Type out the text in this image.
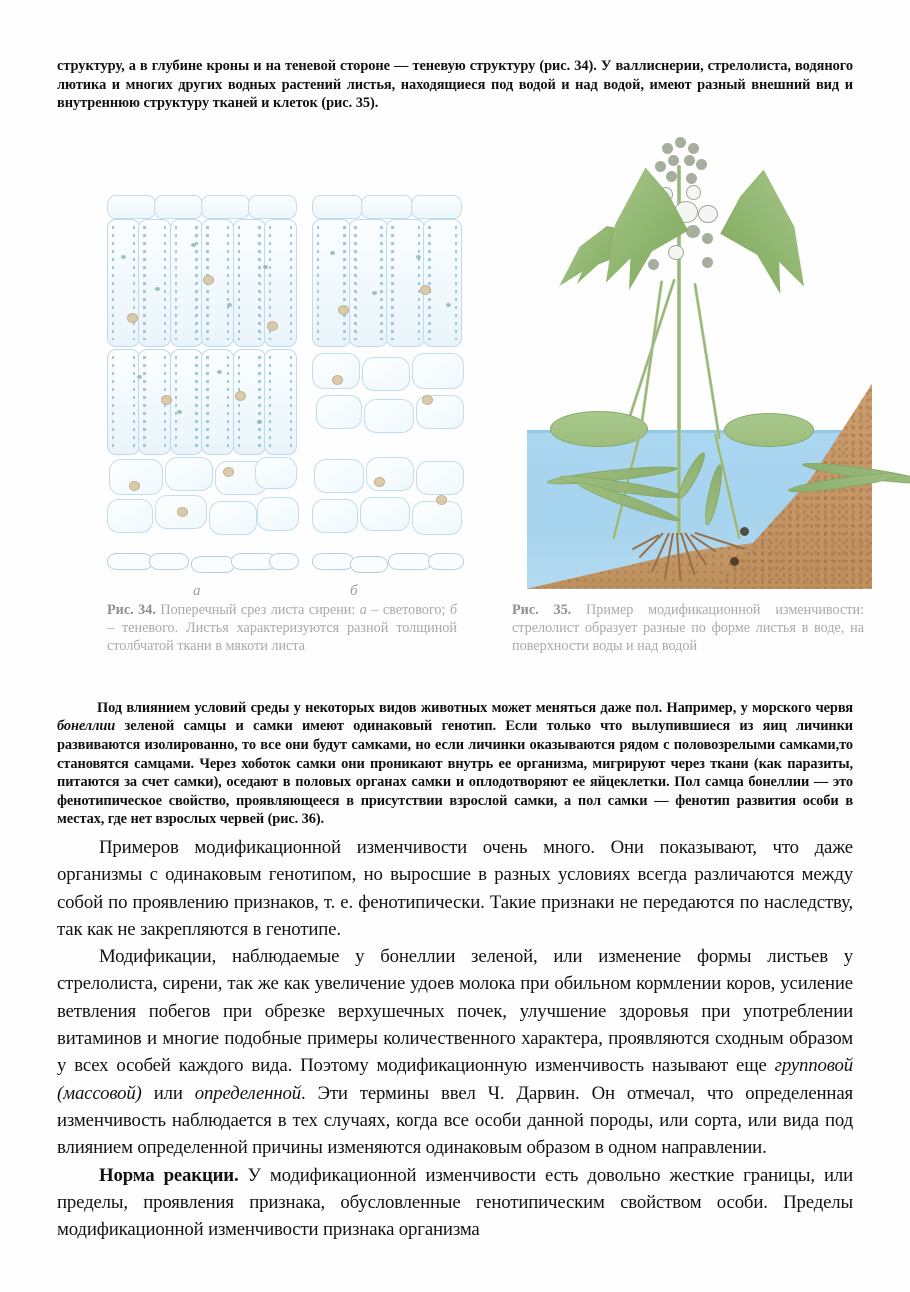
структуру, а в глубине кроны и на теневой стороне — теневую структуру (рис. 34). У валлиснерии, стрелолиста, водяного лютика и многих других водных растений листья, находящиеся под водой и над водой, имеют разный внешний вид и внутреннюю структуру тканей и клеток (рис. 35).

а	б
Рис. 34. Поперечный срез листа сирени: а – светового; б – теневого. Листья характеризуются разной толщиной столбчатой ткани в мякоти листа
Рис. 35. Пример модификационной изменчивости: стрелолист образует разные по форме листья в воде, на поверхности воды и над водой

Под влиянием условий среды у некоторых видов животных может меняться даже пол. Например, у морского червя бонеллии зеленой самцы и самки имеют одинаковый генотип. Если только что вылупившиеся из яиц личинки развиваются изолированно, то все они будут самками, но если личинки оказываются рядом с половозрелыми самками,то становятся самцами. Через хоботок самки они проникают внутрь ее организма, мигрируют через ткани (как паразиты, питаются за счет самки), оседают в половых органах самки и оплодотворяют ее яйцеклетки. Пол самца бонеллии — это фенотипическое свойство, проявляющееся в присутствии взрослой самки, а пол самки — фенотип развития особи в местах, где нет взрослых червей (рис. 36).

Примеров модификационной изменчивости очень много. Они показывают, что даже организмы с одинаковым генотипом, но выросшие в разных условиях всегда различаются между собой по проявлению признаков, т. е. фенотипически. Такие признаки не передаются по наследству, так как не закрепляются в генотипе.

Модификации, наблюдаемые у бонеллии зеленой, или изменение формы листьев у стрелолиста, сирени, так же как увеличение удоев молока при обильном кормлении коров, усиление ветвления побегов при обрезке верхушечных почек, улучшение здоровья при употреблении витаминов и многие подобные примеры количественного характера, проявляются сходным образом у всех особей каждого вида. Поэтому модификационную изменчивость называют еще групповой (массовой) или определенной. Эти термины ввел Ч. Дарвин. Он отмечал, что определенная изменчивость наблюдается в тех случаях, когда все особи данной породы, или сорта, или вида под влиянием определенной причины изменяются одинаковым образом в одном направлении.

Норма реакции. У модификационной изменчивости есть довольно жесткие границы, или пределы, проявления признака, обусловленные генотипическим свойством особи. Пределы модификационной изменчивости признака организма
